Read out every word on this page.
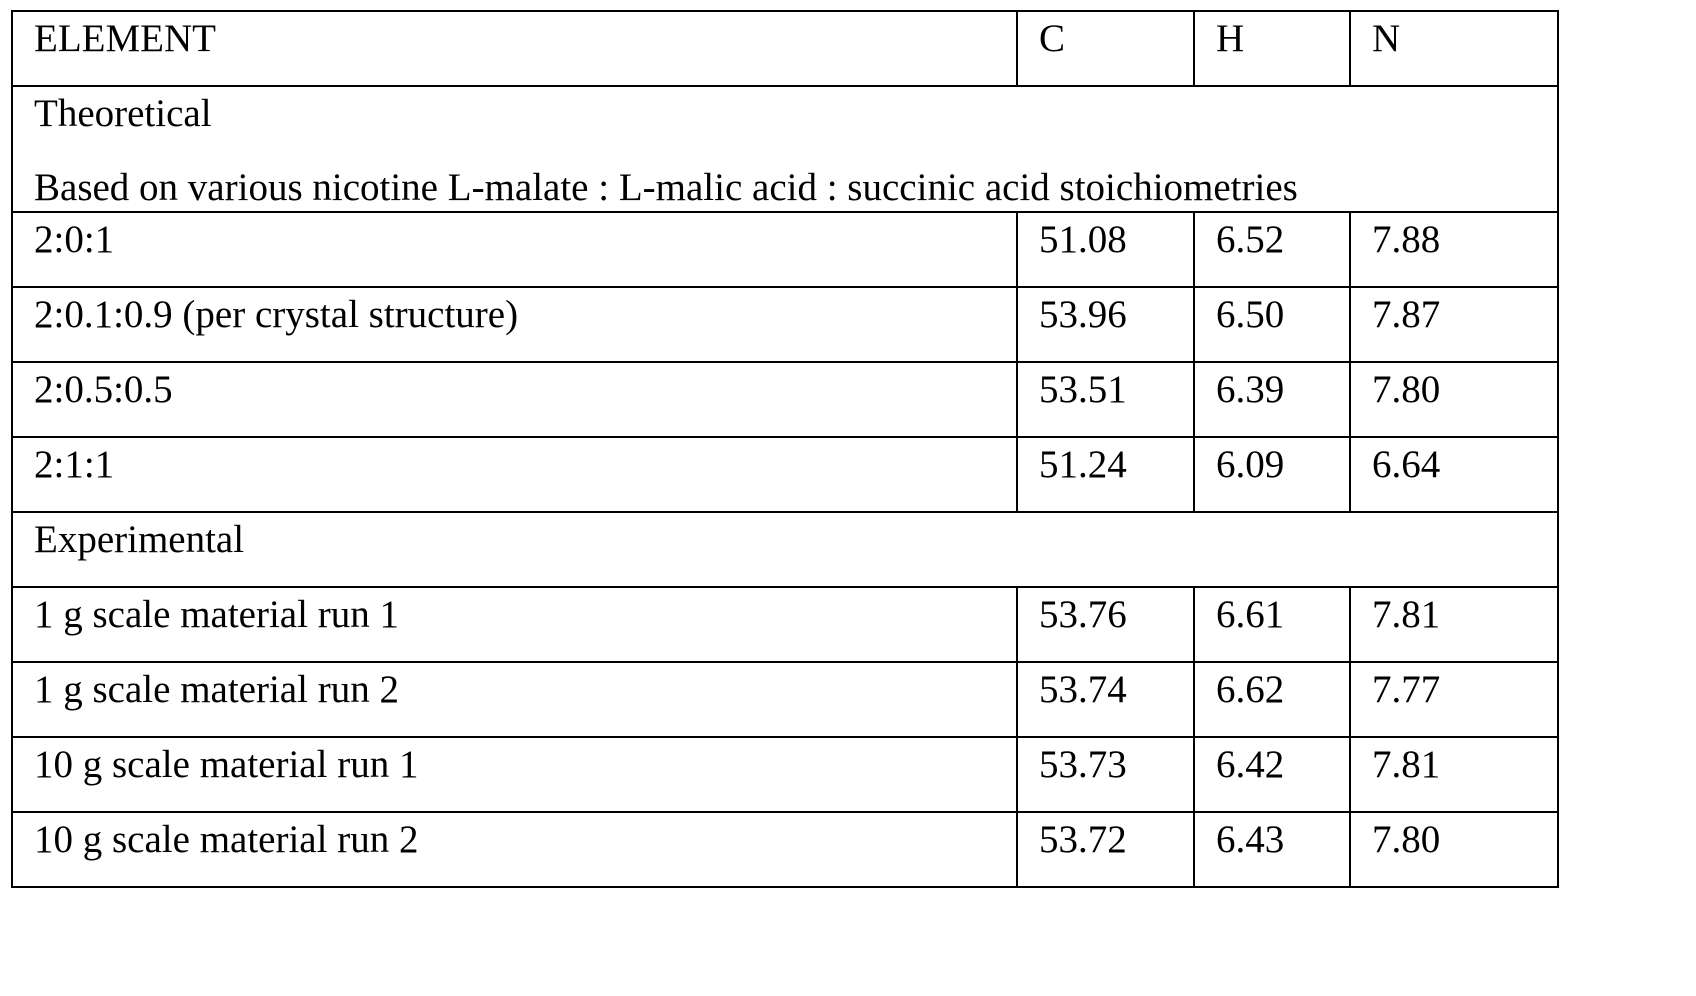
ELEMENT	C	H	N

Theoretical
Based on various nicotine L-malate : L-malic acid : succinic acid stoichiometries			

2:0:1	51.08	6.52	7.88

2:0.1:0.9 (per crystal structure)	53.96	6.50	7.87

2:0.5:0.5	53.51	6.39	7.80

2:1:1	51.24	6.09	6.64

Experimental			

1 g scale material run 1	53.76	6.61	7.81

1 g scale material run 2	53.74	6.62	7.77

10 g scale material run 1	53.73	6.42	7.81

10 g scale material run 2	53.72	6.43	7.80
